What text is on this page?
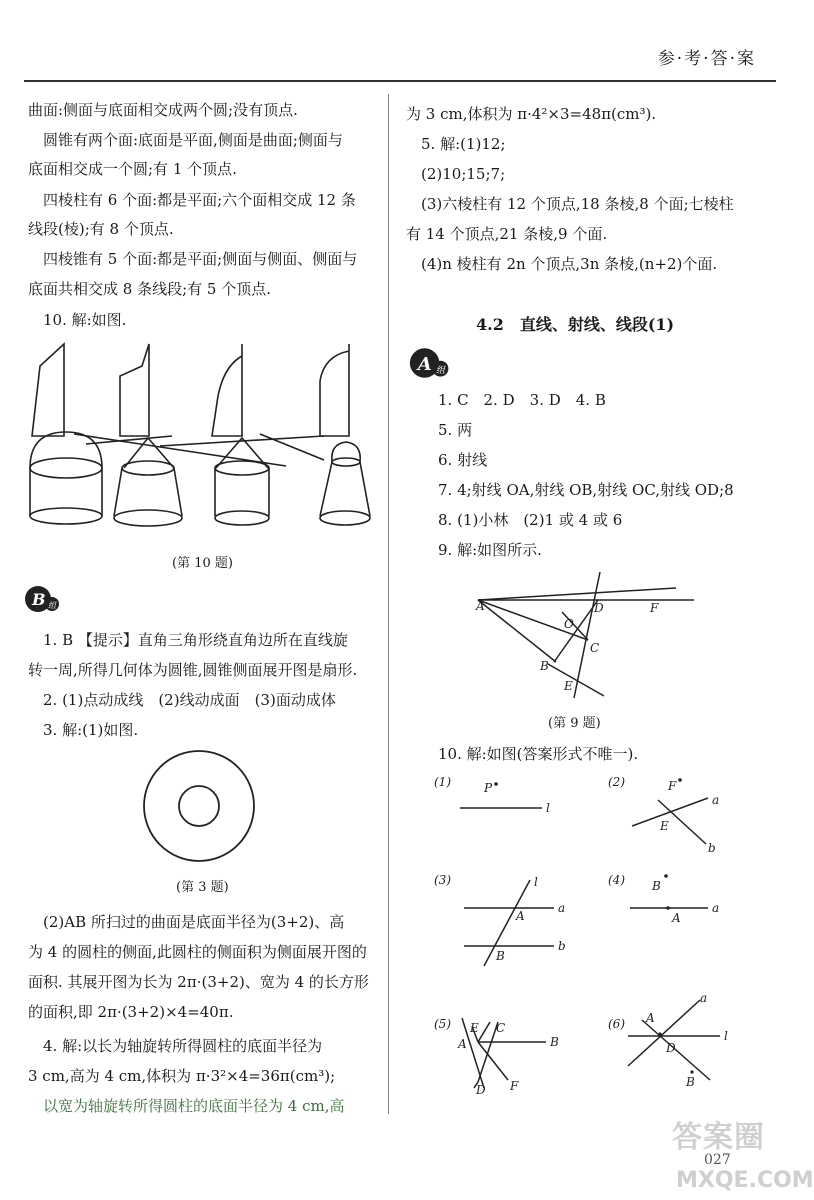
参·考·答·案
曲面:侧面与底面相交成两个圆;没有顶点.
　圆锥有两个面:底面是平面,侧面是曲面;侧面与
底面相交成一个圆;有 1 个顶点.
　四棱柱有 6 个面:都是平面;六个面相交成 12 条
线段(棱);有 8 个顶点.
　四棱锥有 5 个面:都是平面;侧面与侧面、侧面与
底面共相交成 8 条线段;有 5 个顶点.
　10. 解:如图.
(第 10 题)
B 组
　1. B 【提示】直角三角形绕直角边所在直线旋
转一周,所得几何体为圆锥,圆锥侧面展开图是扇形.
　2. (1)点动成线　(2)线动成面　(3)面动成体
　3. 解:(1)如图.
(第 3 题)
　(2)AB 所扫过的曲面是底面半径为(3+2)、高
为 4 的圆柱的侧面,此圆柱的侧面积为侧面展开图的
面积. 其展开图为长为 2π·(3+2)、宽为 4 的长方形
的面积,即 2π·(3+2)×4=40π.
　4. 解:以长为轴旋转所得圆柱的底面半径为
3 cm,高为 4 cm,体积为 π·3²×4=36π(cm³);
　以宽为轴旋转所得圆柱的底面半径为 4 cm,高
为 3 cm,体积为 π·4²×3=48π(cm³).
　5. 解:(1)12;
　(2)10;15;7;
　(3)六棱柱有 12 个顶点,18 条棱,8 个面;七棱柱
有 14 个顶点,21 条棱,9 个面.
　(4)n 棱柱有 2n 个顶点,3n 条棱,(n+2)个面.
4.2　直线、射线、线段(1)
A 组
1. C　2. D　3. D　4. B
5. 两
6. 射线
7. 4;射线 OA,射线 OB,射线 OC,射线 OD;8
8. (1)小林　(2)1 或 4 或 6
9. 解:如图所示.
A	D	F
O
C
B
E
(第 9 题)
10. 解:如图(答案形式不唯一).
(1)	P
l
(2)	F
a
E
b
(3)	l
A
a
B
b
(4) B
a
A
(5) E C
A	B
D F
(6)
a
A
l
D
B
答案圈
027
MXQE.COM
